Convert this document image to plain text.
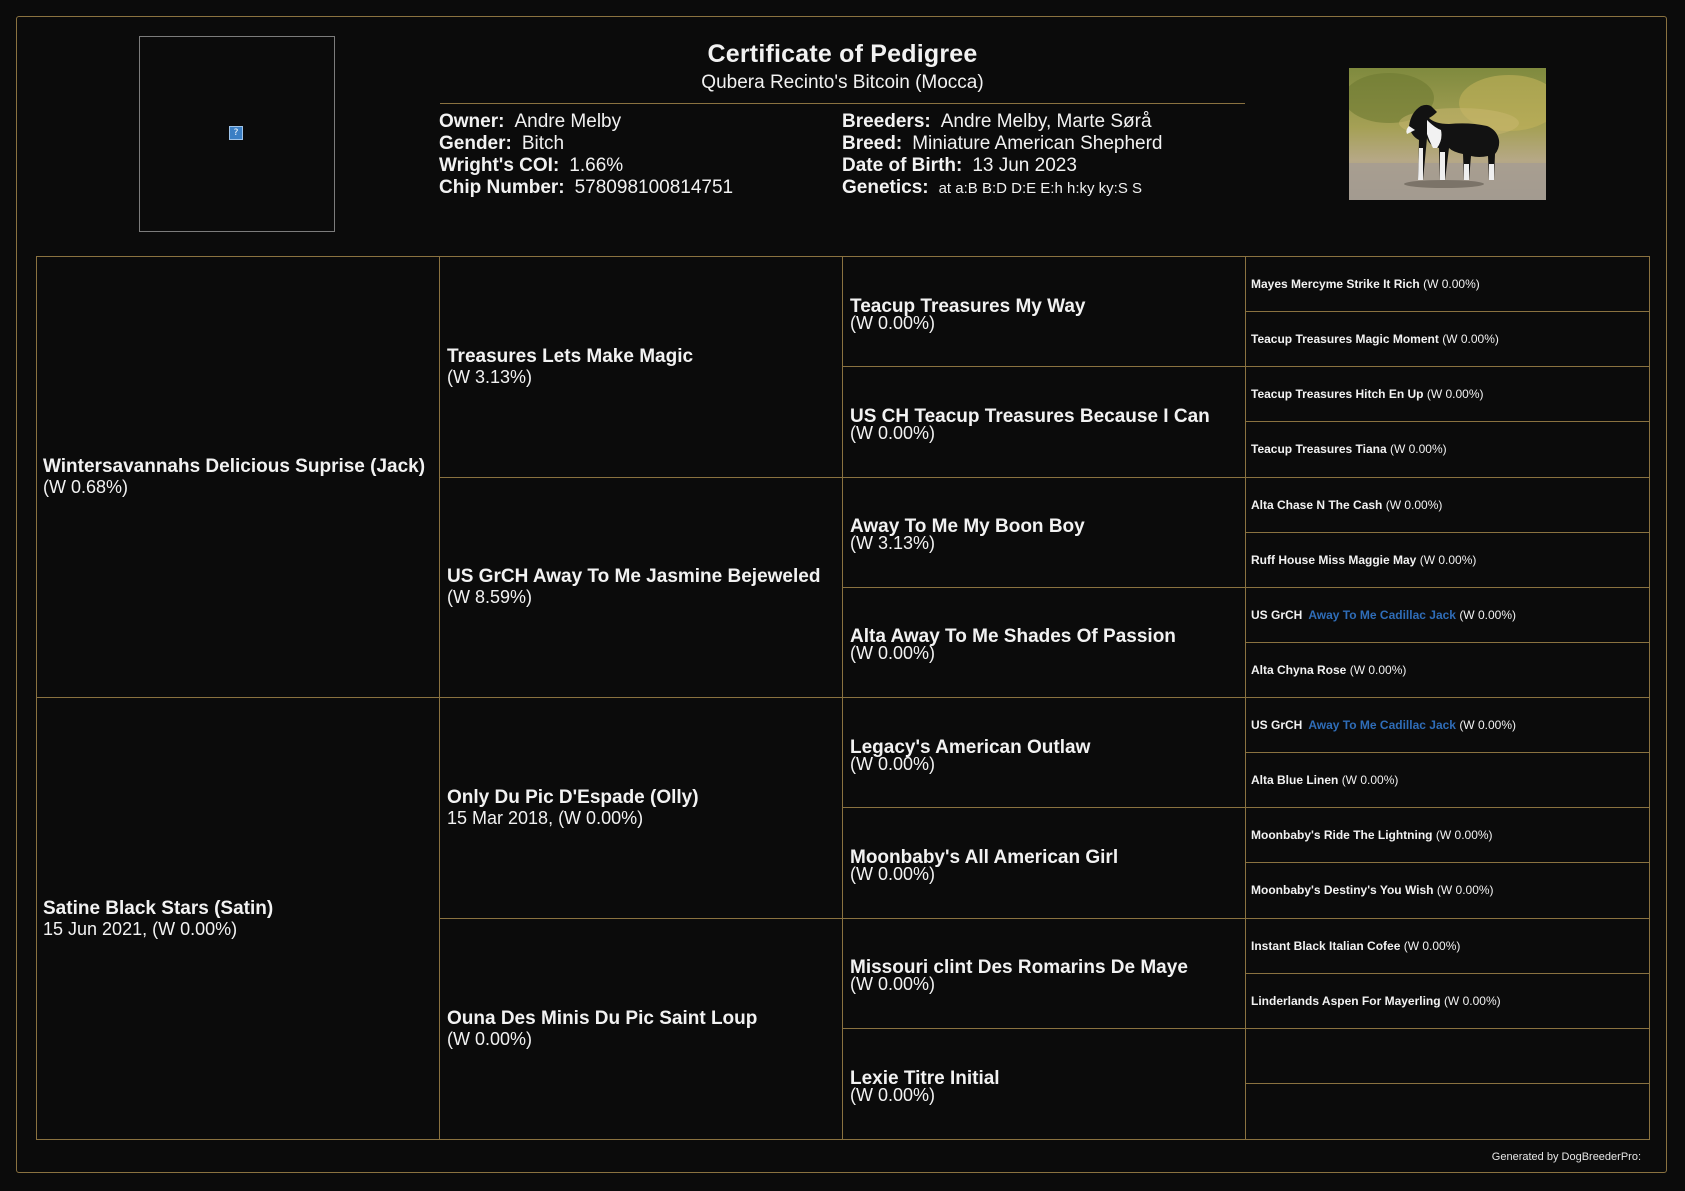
?
Certificate of Pedigree
Qubera Recinto's Bitcoin (Mocca)
Owner: Andre Melby
Gender: Bitch
Wright's COI: 1.66%
Chip Number: 578098100814751
Breeders: Andre Melby, Marte Sørå
Breed: Miniature American Shepherd
Date of Birth: 13 Jun 2023
Genetics: at a:B B:D D:E E:h h:ky ky:S S
Wintersavannahs Delicious Suprise (Jack)
(W 0.68%)
Satine Black Stars (Satin)
15 Jun 2021, (W 0.00%)
Treasures Lets Make Magic
(W 3.13%)
US GrCH Away To Me Jasmine Bejeweled
(W 8.59%)
Only Du Pic D'Espade (Olly)
15 Mar 2018, (W 0.00%)
Ouna Des Minis Du Pic Saint Loup
(W 0.00%)
Teacup Treasures My Way
(W 0.00%)
US CH Teacup Treasures Because I Can
(W 0.00%)
Away To Me My Boon Boy
(W 3.13%)
Alta Away To Me Shades Of Passion
(W 0.00%)
Legacy's American Outlaw
(W 0.00%)
Moonbaby's All American Girl
(W 0.00%)
Missouri clint Des Romarins De Maye
(W 0.00%)
Lexie Titre Initial
(W 0.00%)
Mayes Mercyme Strike It Rich (W 0.00%)
Teacup Treasures Magic Moment (W 0.00%)
Teacup Treasures Hitch En Up (W 0.00%)
Teacup Treasures Tiana (W 0.00%)
Alta Chase N The Cash (W 0.00%)
Ruff House Miss Maggie May (W 0.00%)
US GrCH Away To Me Cadillac Jack (W 0.00%)
Alta Chyna Rose (W 0.00%)
US GrCH Away To Me Cadillac Jack (W 0.00%)
Alta Blue Linen (W 0.00%)
Moonbaby's Ride The Lightning (W 0.00%)
Moonbaby's Destiny's You Wish (W 0.00%)
Instant Black Italian Cofee (W 0.00%)
Linderlands Aspen For Mayerling (W 0.00%)
Generated by DogBreederPro:
